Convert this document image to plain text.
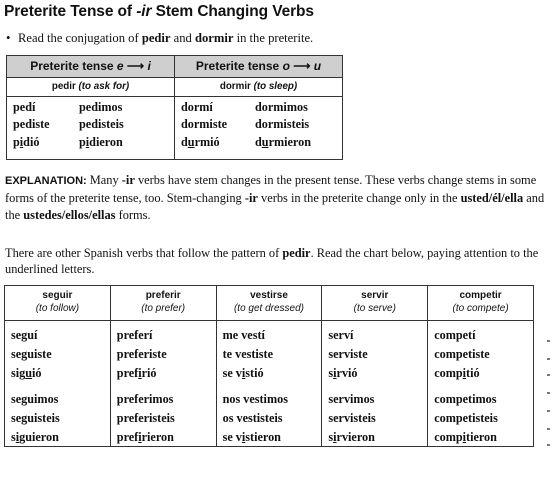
Preterite Tense of -ir Stem Changing Verbs
• Read the conjugation of pedir and dormir in the preterite.
Preterite tense e ⟶ i	Preterite tense o ⟶ u
pedir (to ask for)	dormir (to sleep)
pedí
pediste
pidió
pedimos
pedisteis
pidieron
dormí
dormiste
durmió
dormimos
dormisteis
durmieron
EXPLANATION: Many -ir verbs have stem changes in the present tense. These verbs change stems in some forms of the preterite tense, too. Stem-changing -ir verbs in the preterite change only in the usted/él/ella and the ustedes/ellos/ellas forms.
There are other Spanish verbs that follow the pattern of pedir. Read the chart below, paying attention to the underlined letters.
seguir
(to follow)
preferir
(to prefer)
vestirse
(to get dressed)
servir
(to serve)
competir
(to compete)
seguí
seguiste
siguió
seguimos
seguisteis
siguieron
preferí
preferiste
prefirió
preferimos
preferisteis
prefirieron
me vestí
te vestiste
se vistió
nos vestimos
os vestisteis
se vistieron
serví
serviste
sirvió
servimos
servisteis
sirvieron
competí
competiste
compitió
competimos
competisteis
compitieron
